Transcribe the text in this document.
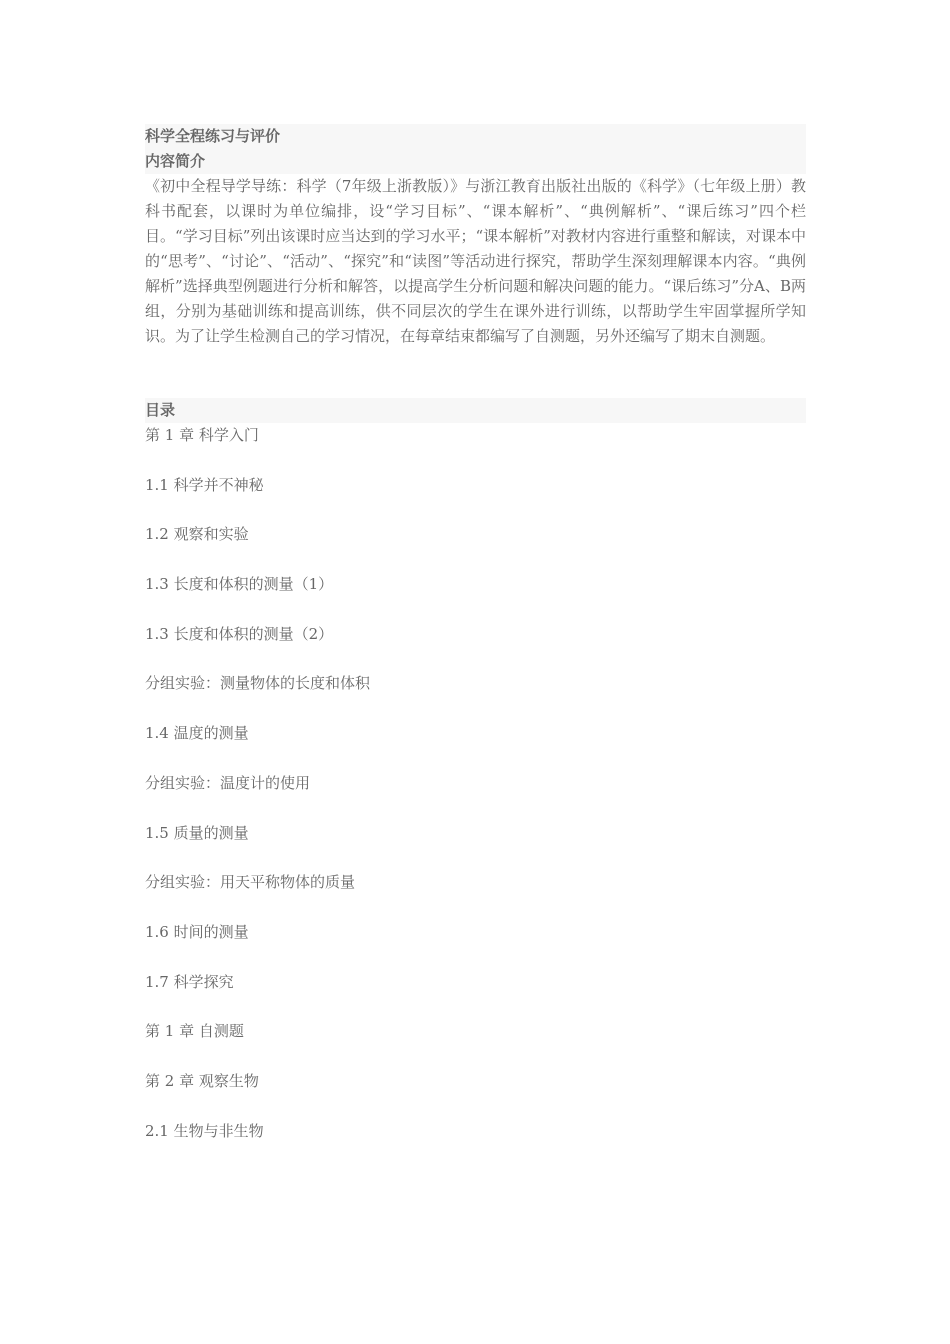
科学全程练习与评价
内容简介

《初中全程导学导练：科学（7年级上浙教版）》与浙江教育出版社出版的《科学》（七年级上册）教科书配套，以课时为单位编排，设“学习目标”、“课本解析”、“典例解析”、“课后练习”四个栏目。“学习目标”列出该课时应当达到的学习水平；“课本解析”对教材内容进行重整和解读，对课本中的“思考”、“讨论”、“活动”、“探究”和“读图”等活动进行探究，帮助学生深刻理解课本内容。“典例解析”选择典型例题进行分析和解答，以提高学生分析问题和解决问题的能力。“课后练习”分A、B两组，分别为基础训练和提高训练，供不同层次的学生在课外进行训练，以帮助学生牢固掌握所学知识。为了让学生检测自己的学习情况，在每章结束都编写了自测题，另外还编写了期末自测题。

目录
第 1 章 科学入门
1.1 科学并不神秘
1.2 观察和实验
1.3 长度和体积的测量（1）
1.3 长度和体积的测量（2）
分组实验：测量物体的长度和体积
1.4 温度的测量
分组实验：温度计的使用
1.5 质量的测量
分组实验：用天平称物体的质量
1.6 时间的测量
1.7 科学探究
第 1 章 自测题
第 2 章 观察生物
2.1 生物与非生物
